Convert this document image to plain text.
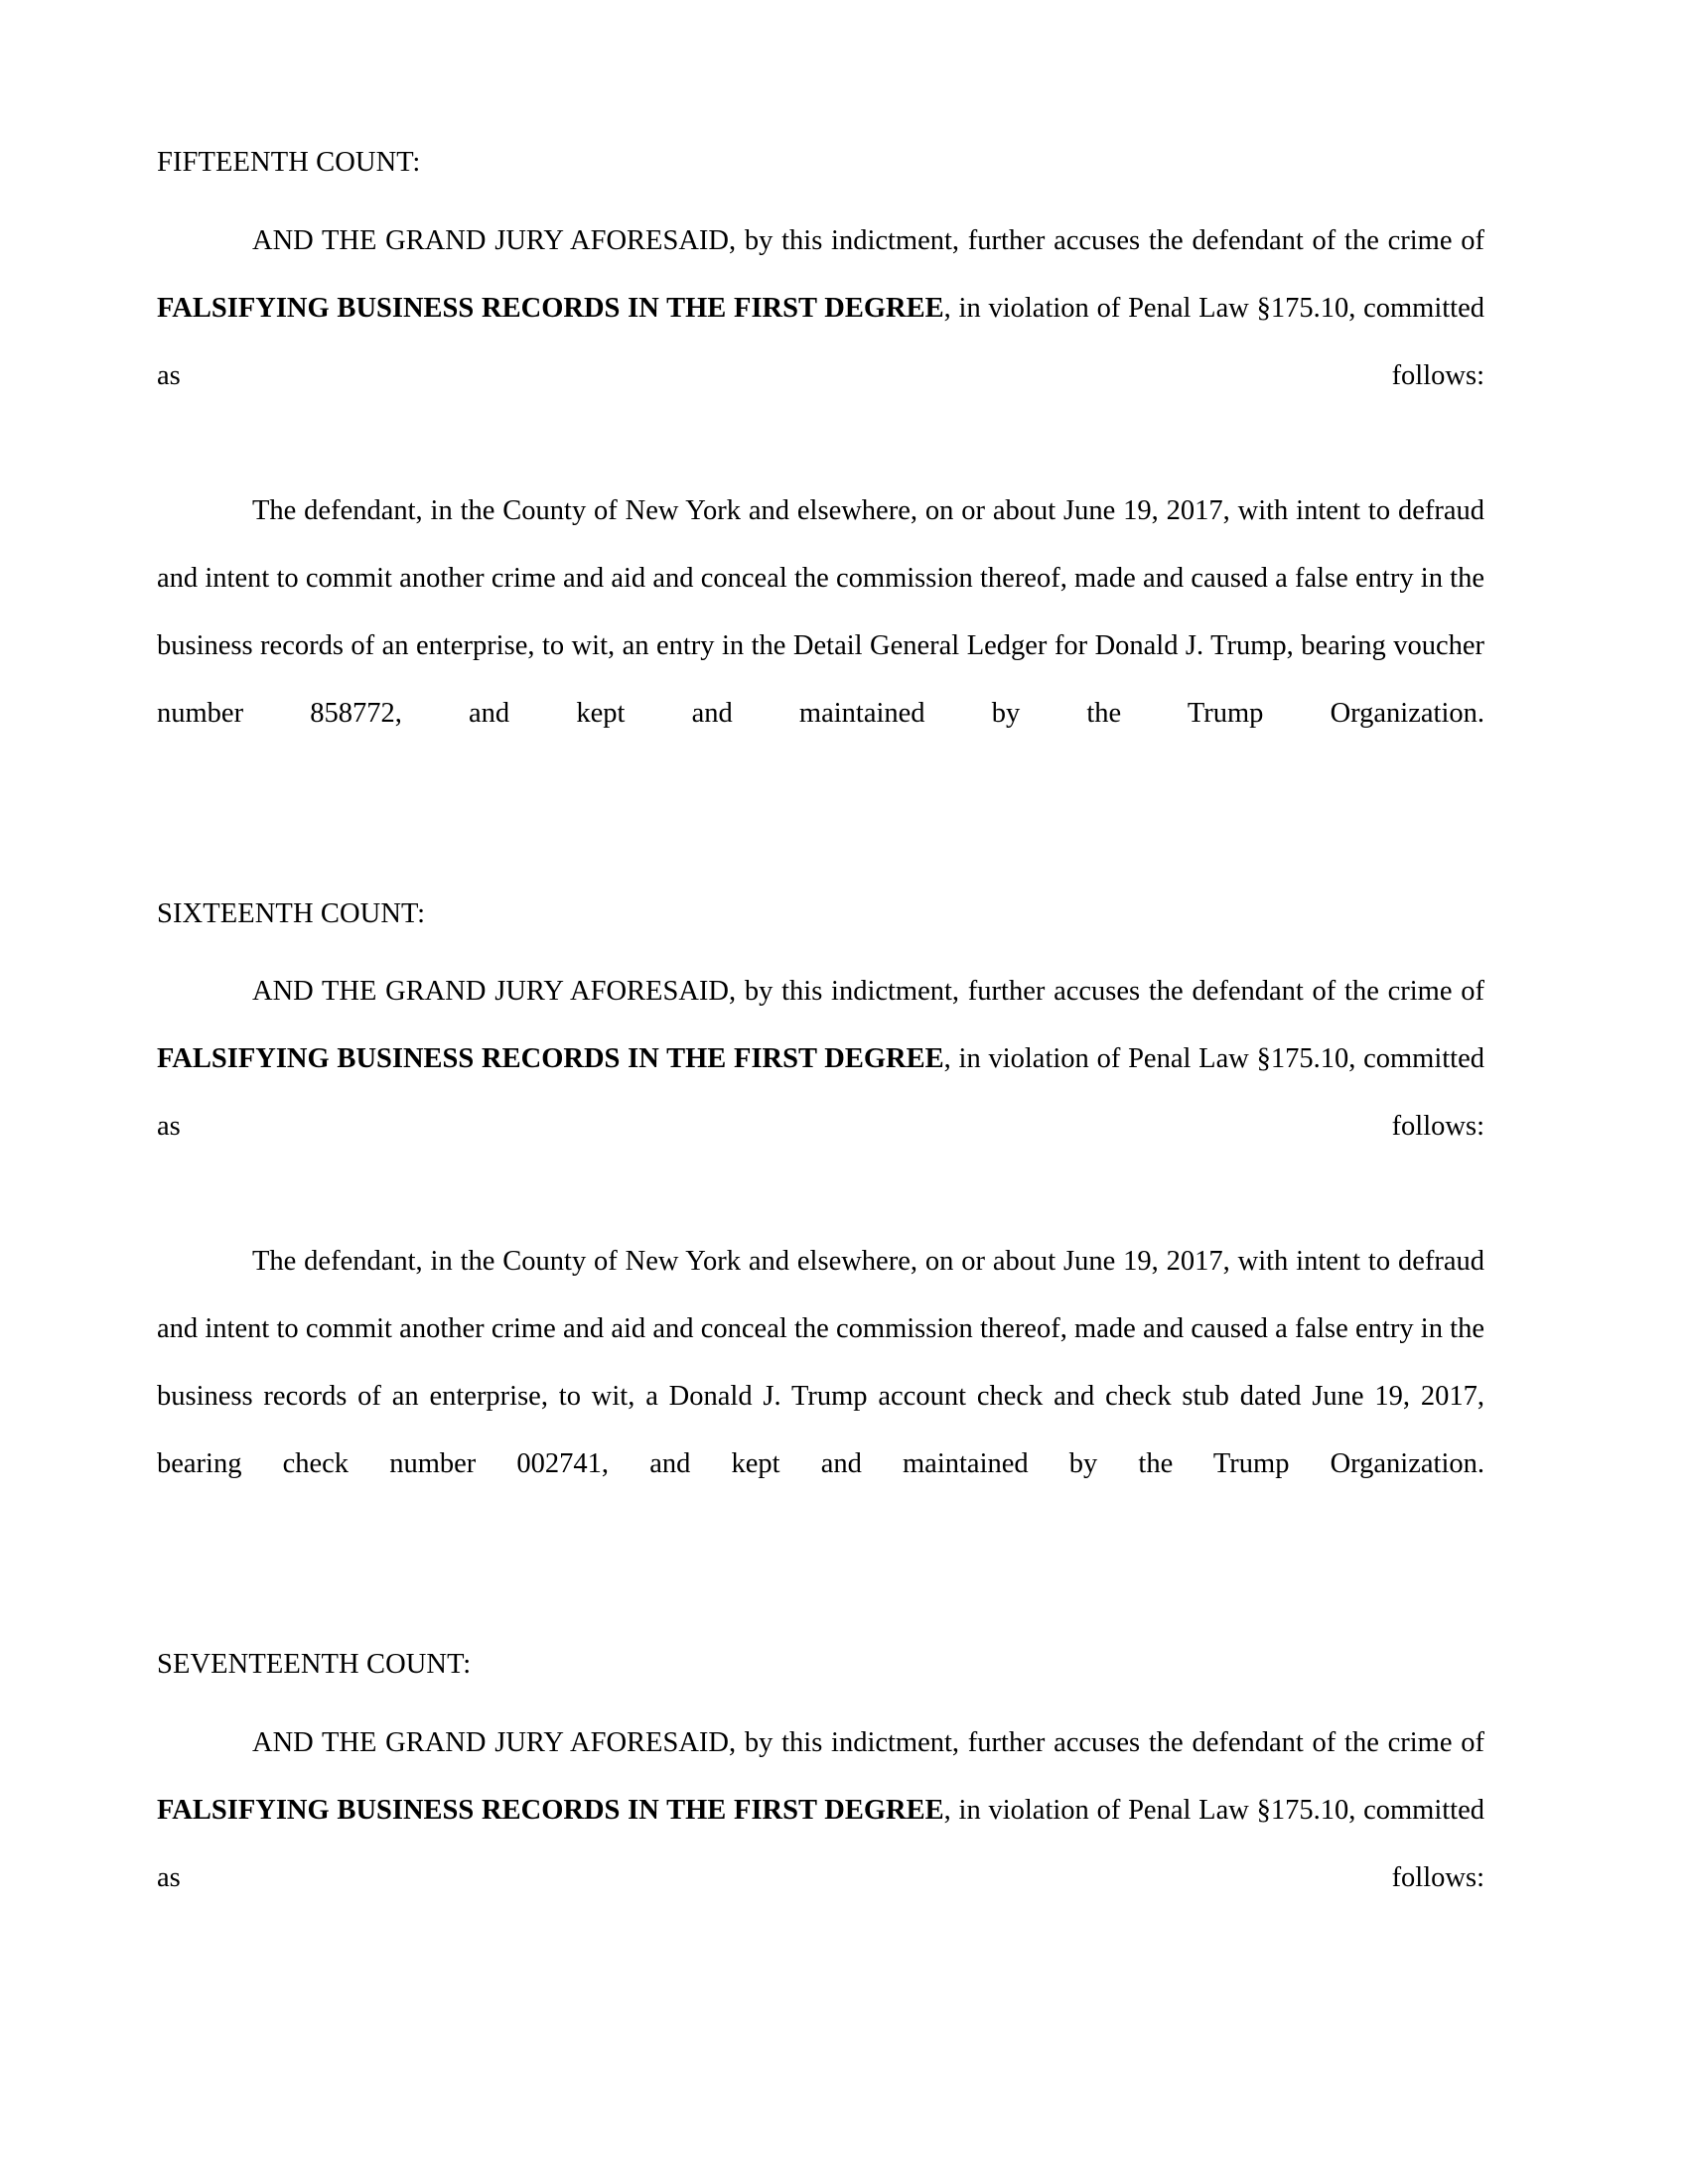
FIFTEENTH COUNT:

AND THE GRAND JURY AFORESAID, by this indictment, further accuses the defendant of the crime of FALSIFYING BUSINESS RECORDS IN THE FIRST DEGREE, in violation of Penal Law §175.10, committed as follows:

The defendant, in the County of New York and elsewhere, on or about June 19, 2017, with intent to defraud and intent to commit another crime and aid and conceal the commission thereof, made and caused a false entry in the business records of an enterprise, to wit, an entry in the Detail General Ledger for Donald J. Trump, bearing voucher number 858772, and kept and maintained by the Trump Organization.

SIXTEENTH COUNT:

AND THE GRAND JURY AFORESAID, by this indictment, further accuses the defendant of the crime of FALSIFYING BUSINESS RECORDS IN THE FIRST DEGREE, in violation of Penal Law §175.10, committed as follows:

The defendant, in the County of New York and elsewhere, on or about June 19, 2017, with intent to defraud and intent to commit another crime and aid and conceal the commission thereof, made and caused a false entry in the business records of an enterprise, to wit, a Donald J. Trump account check and check stub dated June 19, 2017, bearing check number 002741, and kept and maintained by the Trump Organization.

SEVENTEENTH COUNT:

AND THE GRAND JURY AFORESAID, by this indictment, further accuses the defendant of the crime of FALSIFYING BUSINESS RECORDS IN THE FIRST DEGREE, in violation of Penal Law §175.10, committed as follows:
